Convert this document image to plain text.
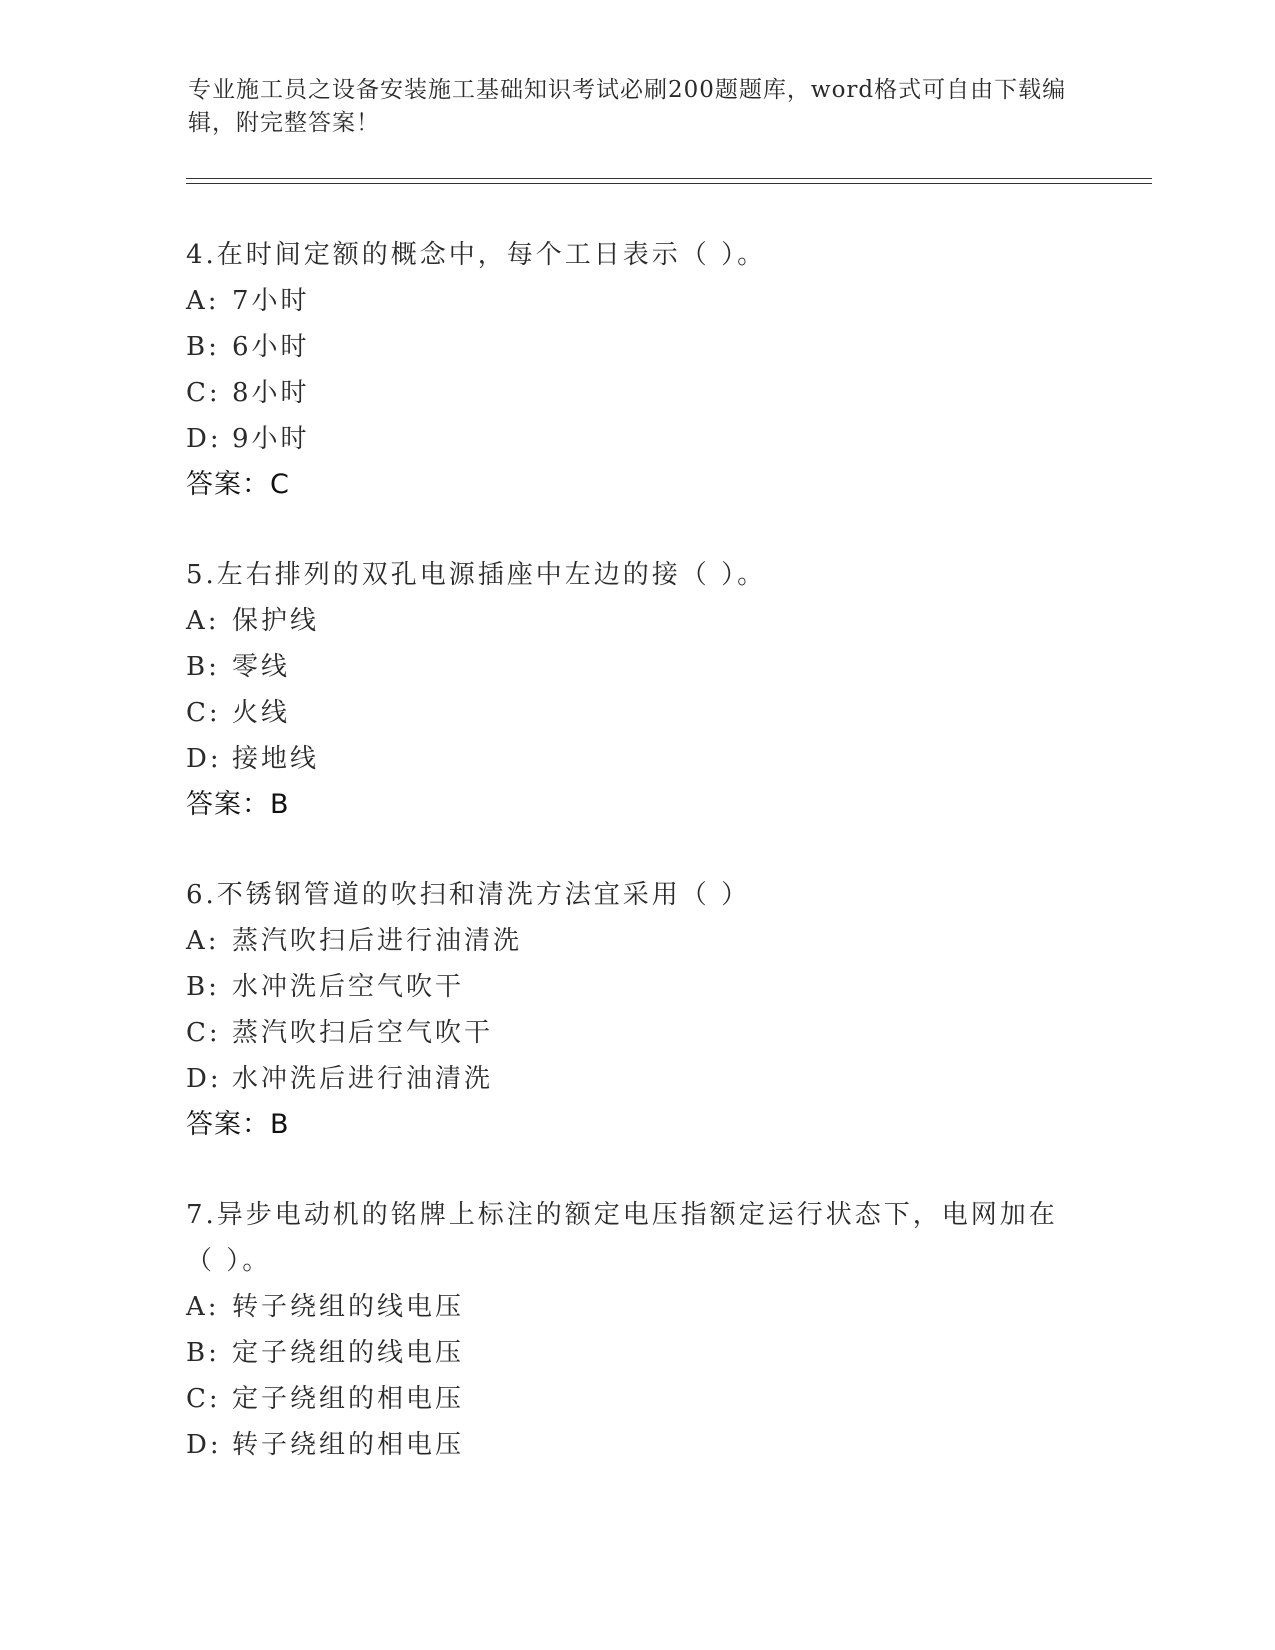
专业施工员之设备安装施工基础知识考试必刷200题题库，word格式可自由下载编辑，附完整答案！

4.在时间定额的概念中，每个工日表示（ ）。

A: 7小时

B: 6小时

C: 8小时

D: 9小时

答案：C

5.左右排列的双孔电源插座中左边的接（ ）。

A: 保护线

B: 零线

C: 火线

D: 接地线

答案：B

6.不锈钢管道的吹扫和清洗方法宜采用（ ）

A: 蒸汽吹扫后进行油清洗

B: 水冲洗后空气吹干

C: 蒸汽吹扫后空气吹干

D: 水冲洗后进行油清洗

答案：B

7.异步电动机的铭牌上标注的额定电压指额定运行状态下，电网加在（ ）。

A: 转子绕组的线电压

B: 定子绕组的线电压

C: 定子绕组的相电压

D: 转子绕组的相电压
